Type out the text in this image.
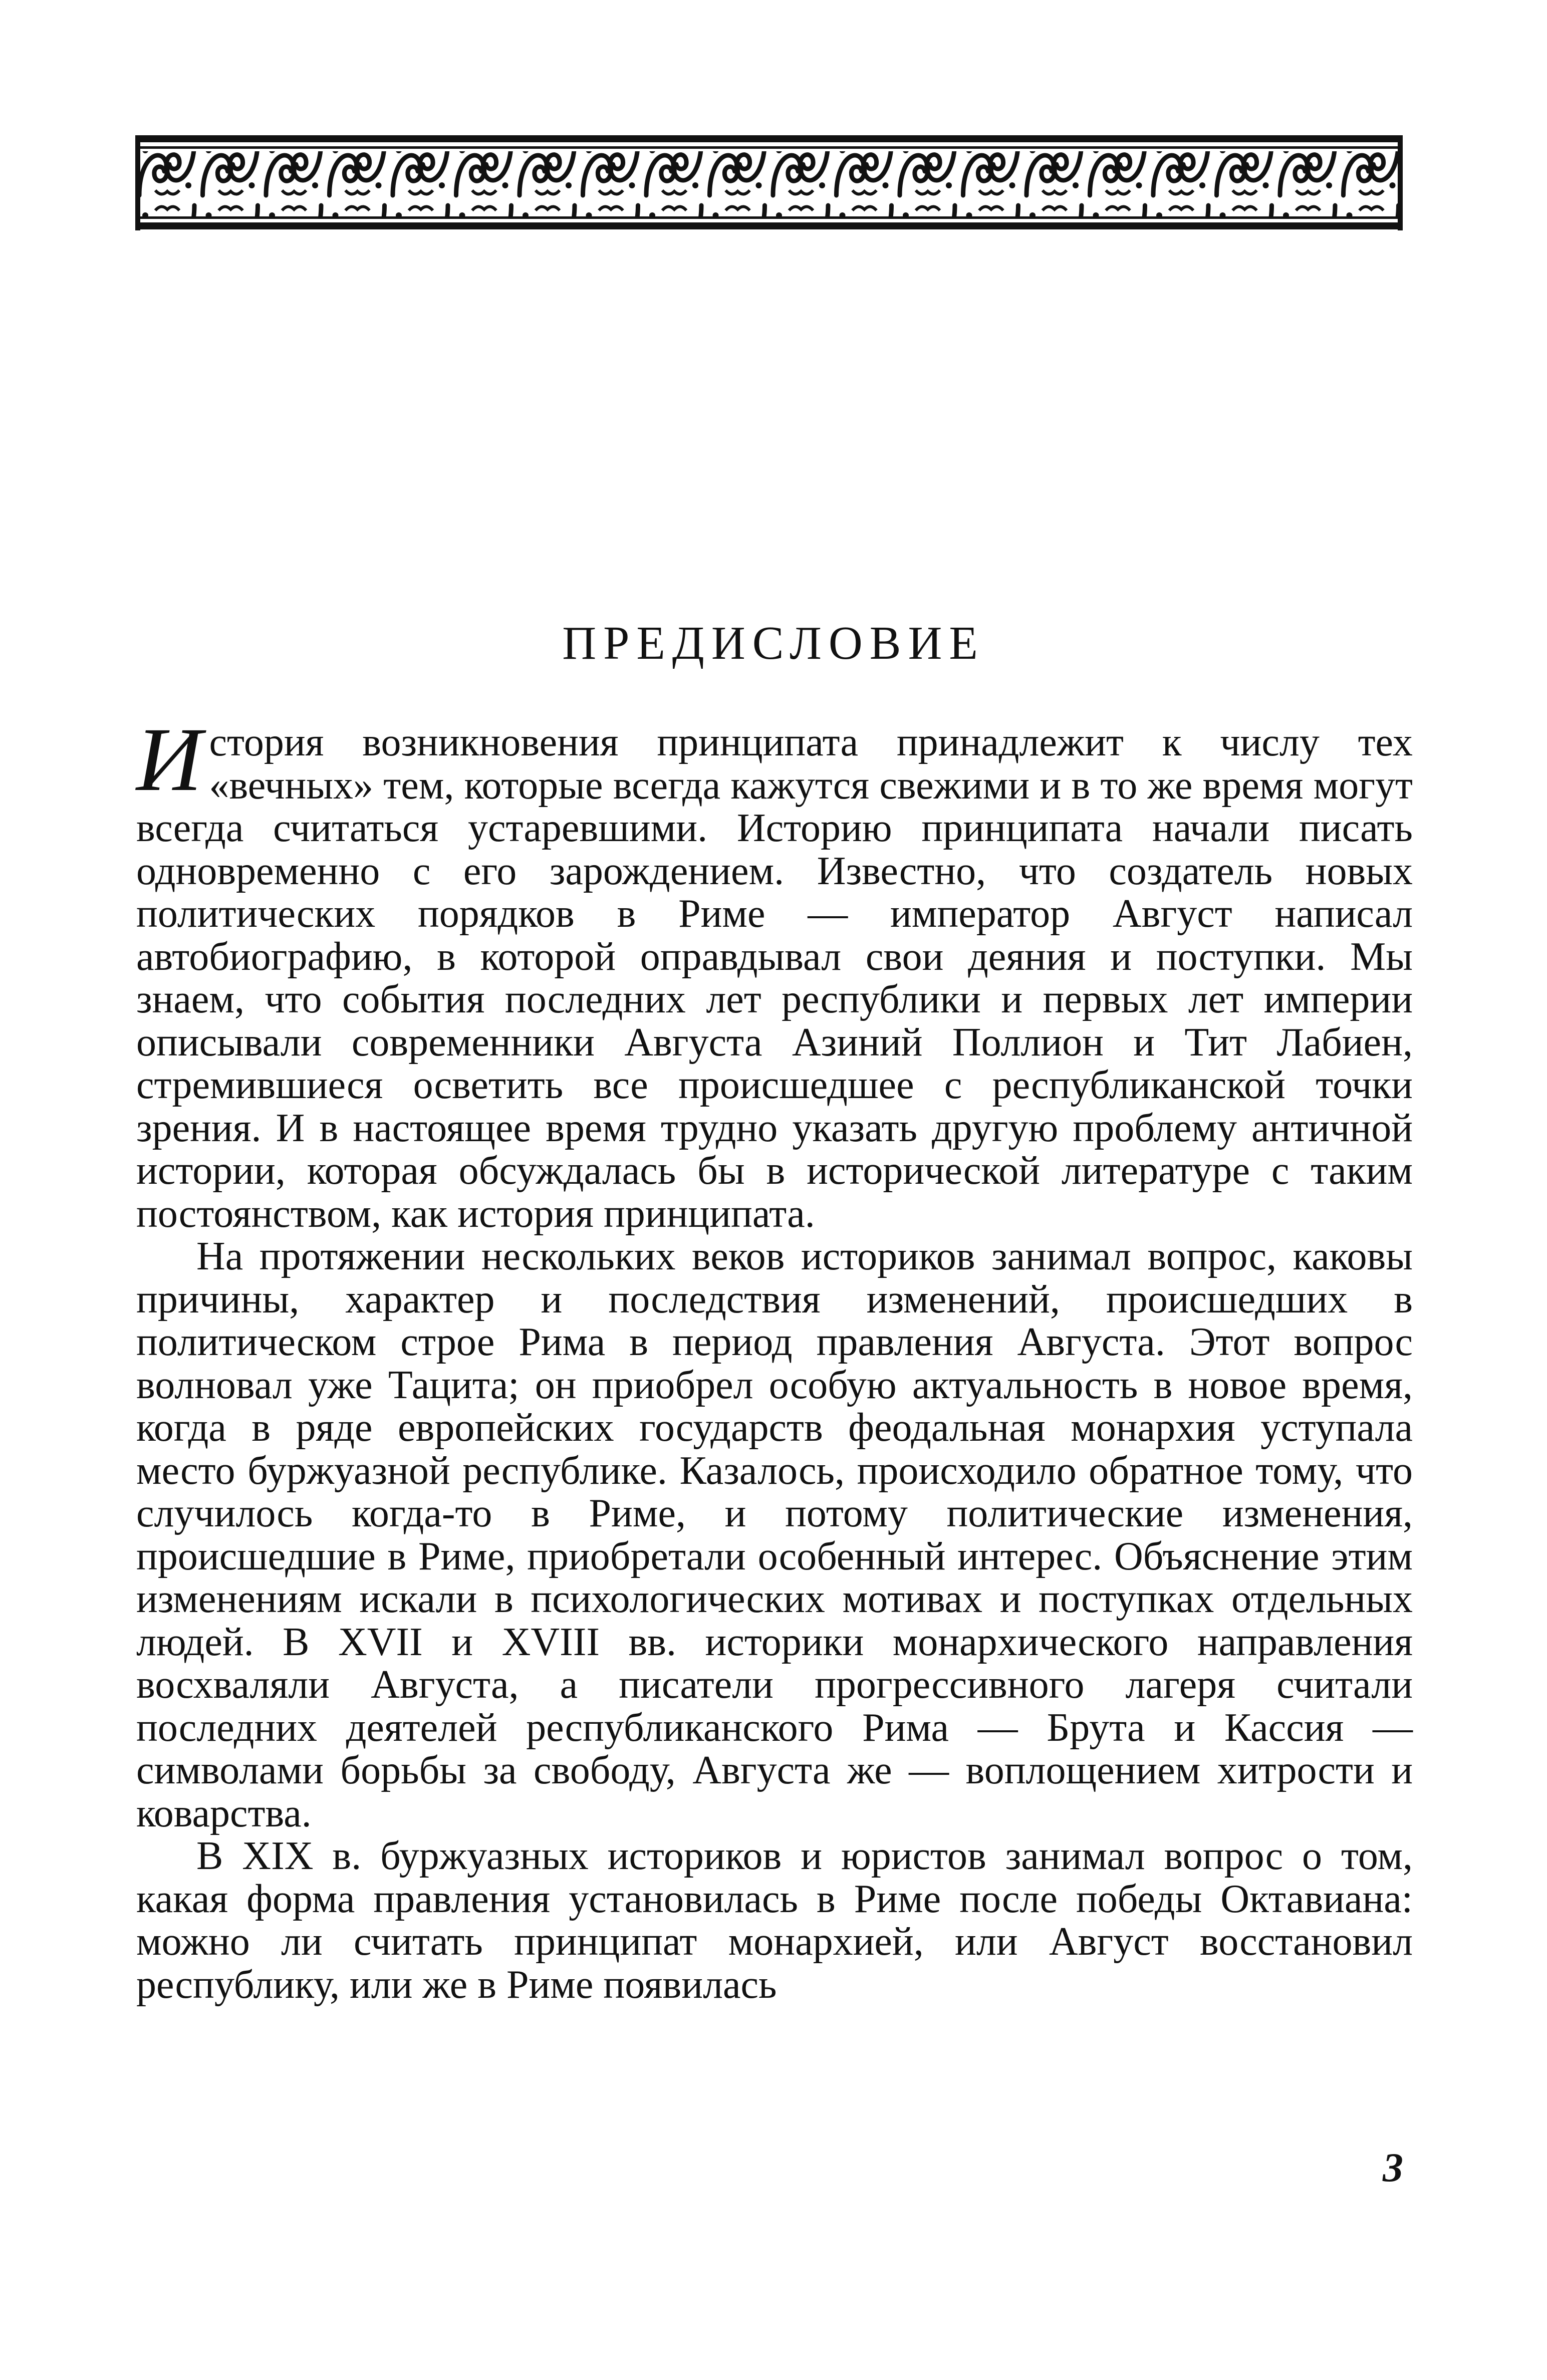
ПРЕДИСЛОВИЕ

История возникновения принципата принадлежит к числу тех «вечных» тем, которые всегда кажутся свежими и в то же время могут всегда считаться устаревшими. Историю принципата начали писать одновременно с его зарождением. Известно, что создатель новых политических порядков в Риме — император Август написал автобиографию, в которой оправдывал свои деяния и поступки. Мы знаем, что события последних лет республики и первых лет империи описывали современники Августа Азиний Поллион и Тит Лабиен, стремившиеся осветить все происшедшее с республиканской точки зрения. И в настоящее время трудно указать другую проблему античной истории, которая обсуждалась бы в исторической литературе с таким постоянством, как история принципата.

На протяжении нескольких веков историков занимал вопрос, каковы причины, характер и последствия изменений, происшедших в политическом строе Рима в период правления Августа. Этот вопрос волновал уже Тацита; он приобрел особую актуальность в новое время, когда в ряде европейских государств феодальная монархия уступала место буржуазной республике. Казалось, происходило обратное тому, что случилось когда-то в Риме, и потому политические изменения, происшедшие в Риме, приобретали особенный интерес. Объяснение этим изменениям искали в психологических мотивах и поступках отдельных людей. В XVII и XVIII вв. историки монархического направления восхваляли Августа, а писатели прогрессивного лагеря считали последних деятелей республиканского Рима — Брута и Кассия — символами борьбы за свободу, Августа же — воплощением хитрости и коварства.

В XIX в. буржуазных историков и юристов занимал вопрос о том, какая форма правления установилась в Риме после победы Октавиана: можно ли считать принципат монархией, или Август восстановил республику, или же в Риме появилась

3
